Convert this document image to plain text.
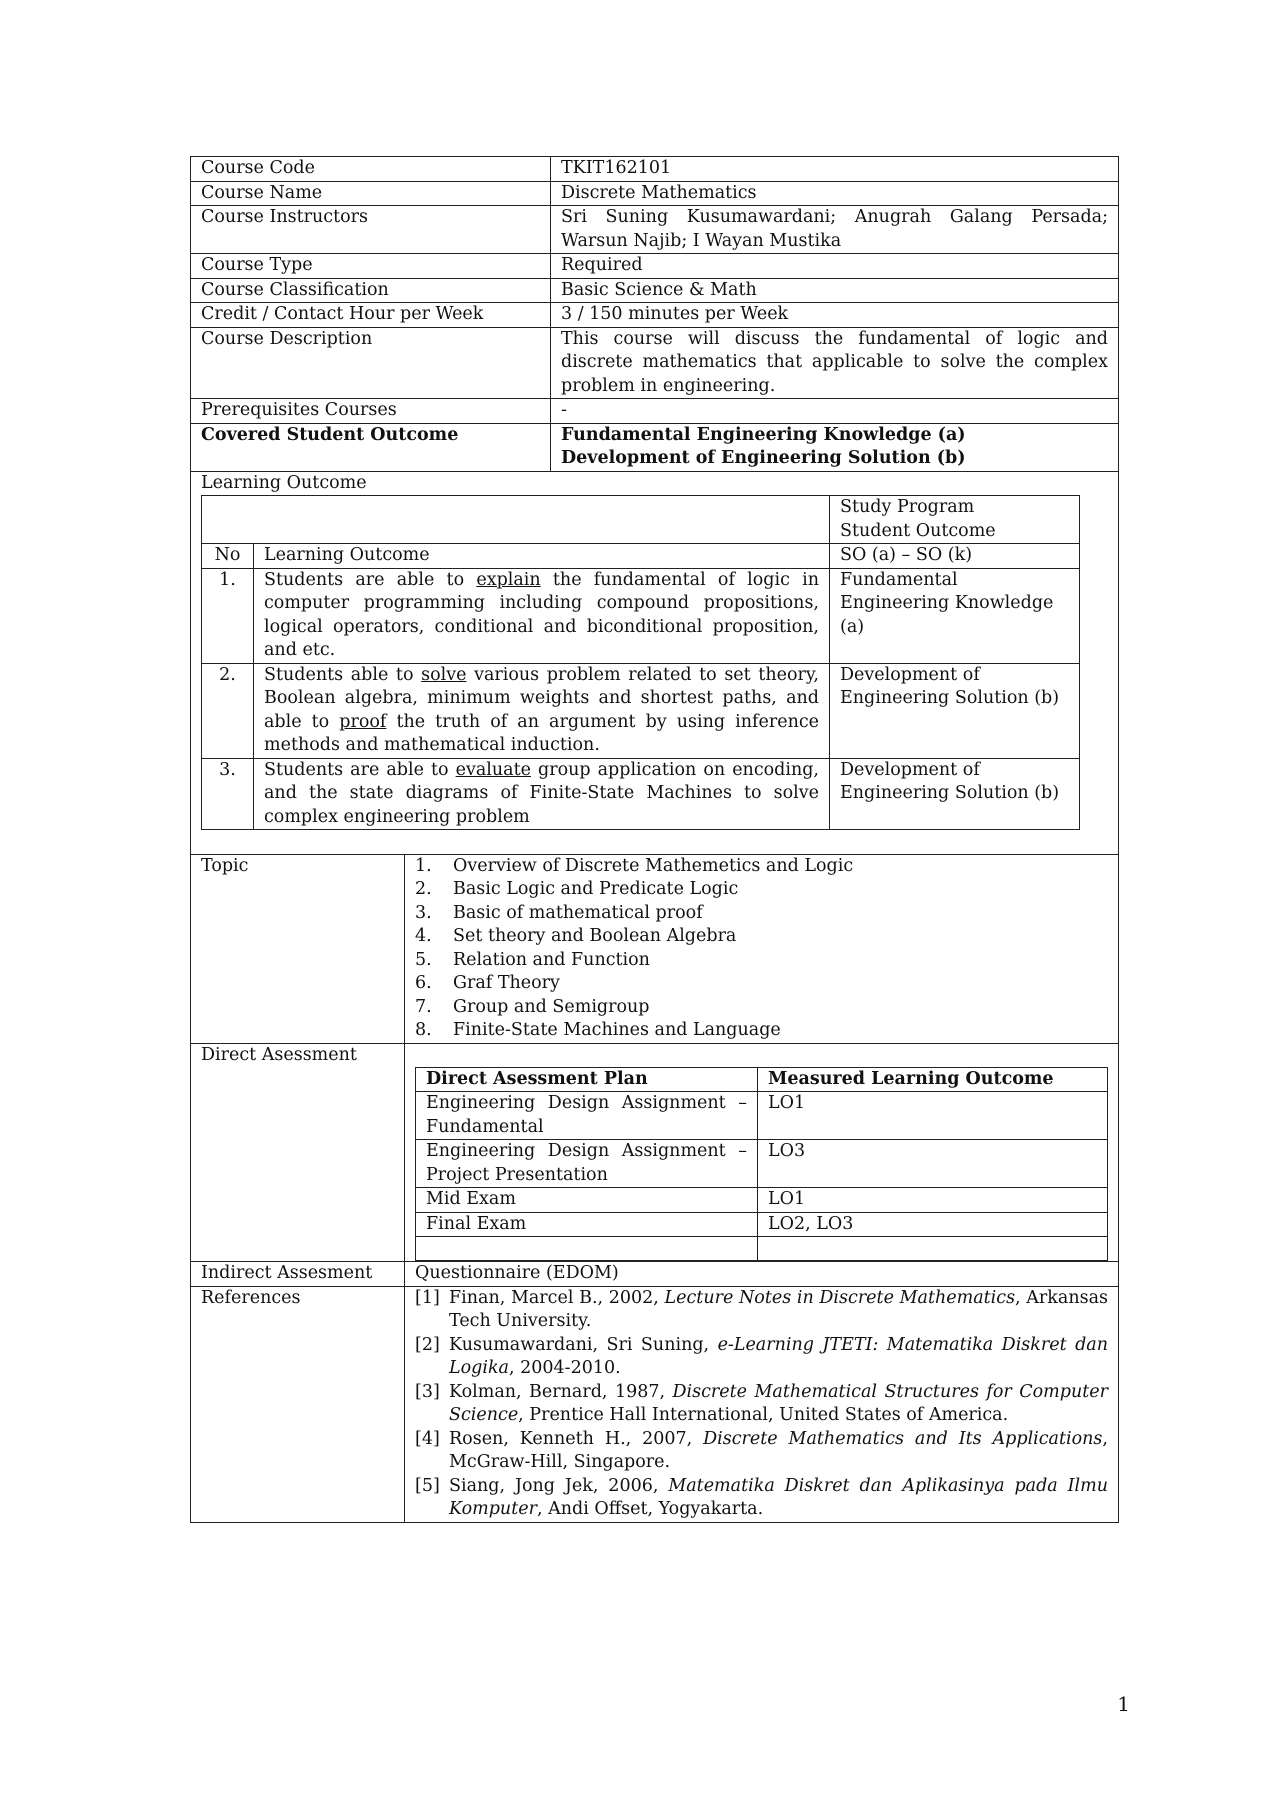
Course Code	TKIT162101
Course Name	Discrete Mathematics
Course Instructors	Sri Suning Kusumawardani; Anugrah Galang Persada; Warsun Najib; I Wayan Mustika
Course Type	Required
Course Classification	Basic Science & Math
Credit / Contact Hour per Week	3 / 150 minutes per Week
Course Description	This course will discuss the fundamental of logic and discrete mathematics that applicable to solve the complex problem in engineering.
Prerequisites Courses	-
Covered Student Outcome	Fundamental Engineering Knowledge (a)
Development of Engineering Solution (b)

Learning Outcome

Study Program
Student Outcome

No	Learning Outcome	SO (a) – SO (k)
1.	Students are able to explain the fundamental of logic in computer programming including compound propositions, logical operators, conditional and biconditional proposition, and etc.	Fundamental Engineering Knowledge (a)
2.	Students able to solve various problem related to set theory, Boolean algebra, minimum weights and shortest paths, and able to proof the truth of an argument by using inference methods and mathematical induction.	Development of Engineering Solution (b)
3.	Students are able to evaluate group application on encoding, and the state diagrams of Finite-State Machines to solve complex engineering problem	Development of Engineering Solution (b)
Topic	1.	Overview of Discrete Mathemetics and Logic
2.	Basic Logic and Predicate Logic
3.	Basic of mathematical proof
4.	Set theory and Boolean Algebra
5.	Relation and Function
6.	Graf Theory
7.	Group and Semigroup
8.	Finite-State Machines and Language

Direct Asessment	
Direct Asessment Plan	Measured Learning Outcome
Engineering Design Assignment – Fundamental	LO1
Engineering Design Assignment – Project Presentation	LO3
Mid Exam	LO1
Final Exam	LO2, LO3

Indirect Assesment	Questionnaire (EDOM)
References	[1] Finan, Marcel B., 2002, Lecture Notes in Discrete Mathematics, Arkansas Tech University.
[2] Kusumawardani, Sri Suning, e-Learning JTETI: Matematika Diskret dan Logika, 2004-2010.
[3] Kolman, Bernard, 1987, Discrete Mathematical Structures for Computer Science, Prentice Hall International, United States of America.
[4] Rosen, Kenneth H., 2007, Discrete Mathematics and Its Applications, McGraw-Hill, Singapore.
[5] Siang, Jong Jek, 2006, Matematika Diskret dan Aplikasinya pada Ilmu Komputer, Andi Offset, Yogyakarta.
1
